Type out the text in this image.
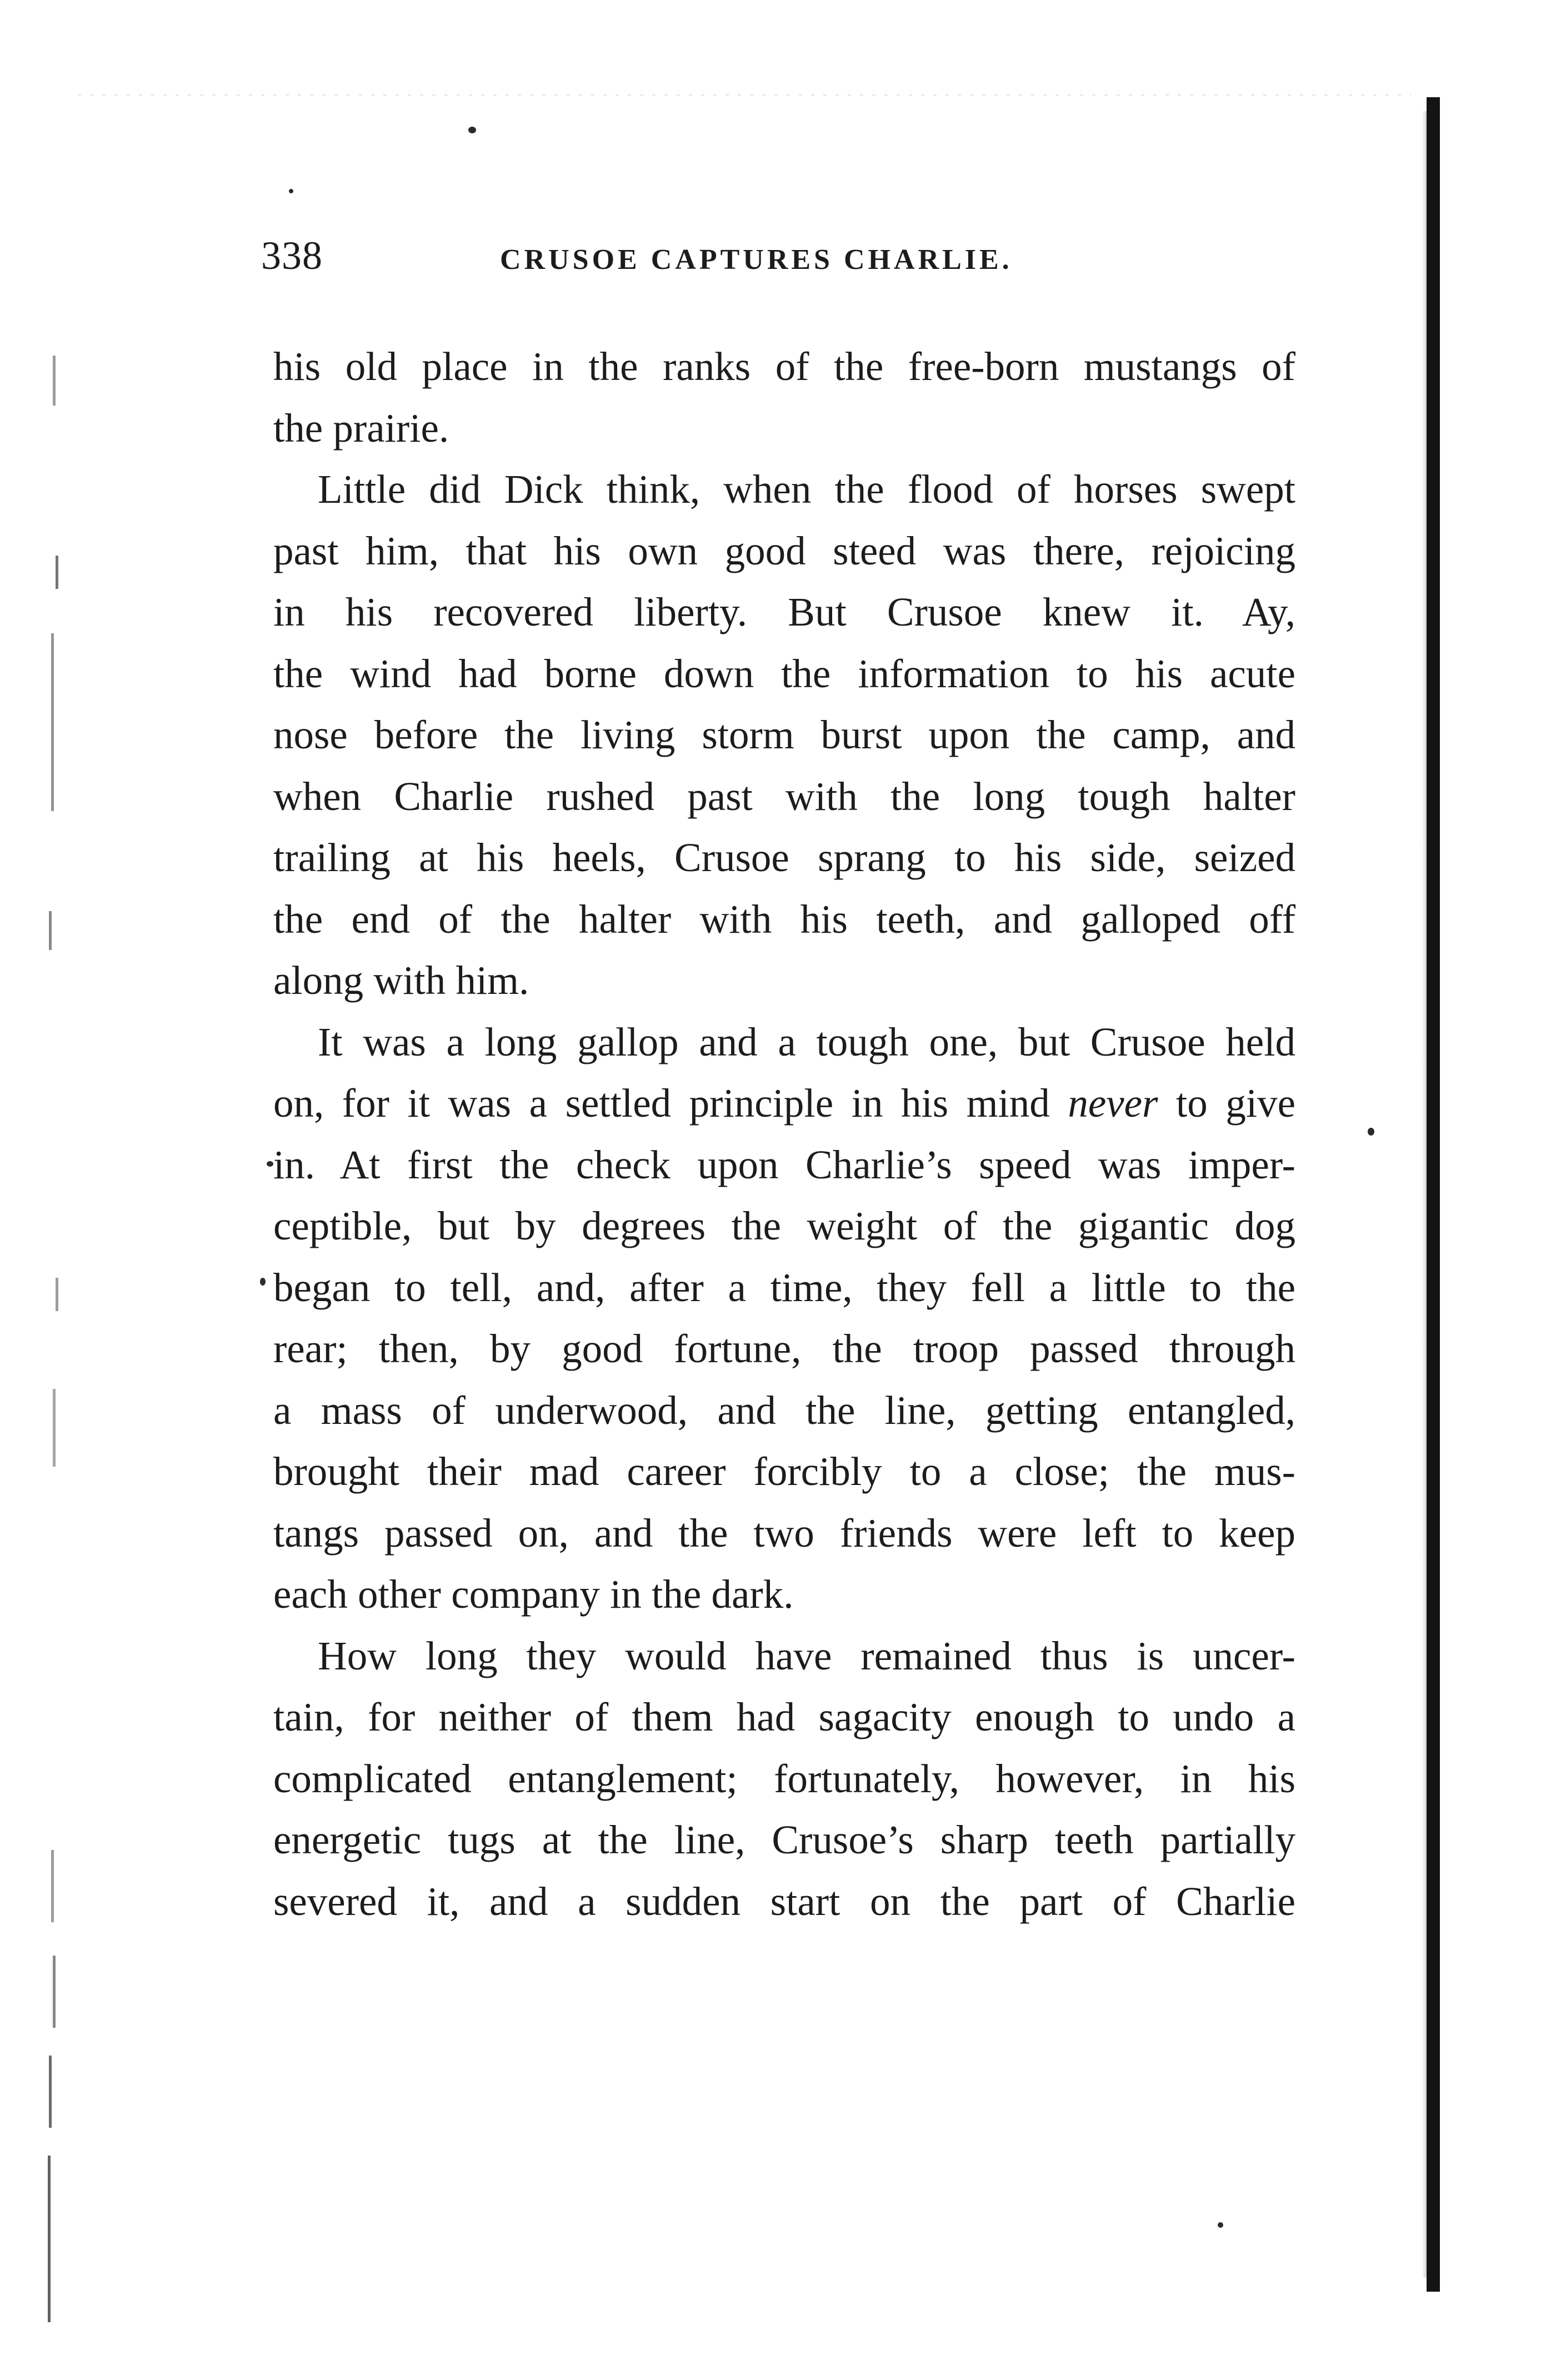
338	CRUSOE CAPTURES CHARLIE.
his old place in the ranks of the free-born mustangs of
the prairie.
Little did Dick think, when the flood of horses swept
past him, that his own good steed was there, rejoicing
in his recovered liberty. But Crusoe knew it. Ay,
the wind had borne down the information to his acute
nose before the living storm burst upon the camp, and
when Charlie rushed past with the long tough halter
trailing at his heels, Crusoe sprang to his side, seized
the end of the halter with his teeth, and galloped off
along with him.
It was a long gallop and a tough one, but Crusoe held
on, for it was a settled principle in his mind never to give
in. At first the check upon Charlie’s speed was imper-
ceptible, but by degrees the weight of the gigantic dog
began to tell, and, after a time, they fell a little to the
rear; then, by good fortune, the troop passed through
a mass of underwood, and the line, getting entangled,
brought their mad career forcibly to a close; the mus-
tangs passed on, and the two friends were left to keep
each other company in the dark.
How long they would have remained thus is uncer-
tain, for neither of them had sagacity enough to undo a
complicated entanglement; fortunately, however, in his
energetic tugs at the line, Crusoe’s sharp teeth partially
severed it, and a sudden start on the part of Charlie
